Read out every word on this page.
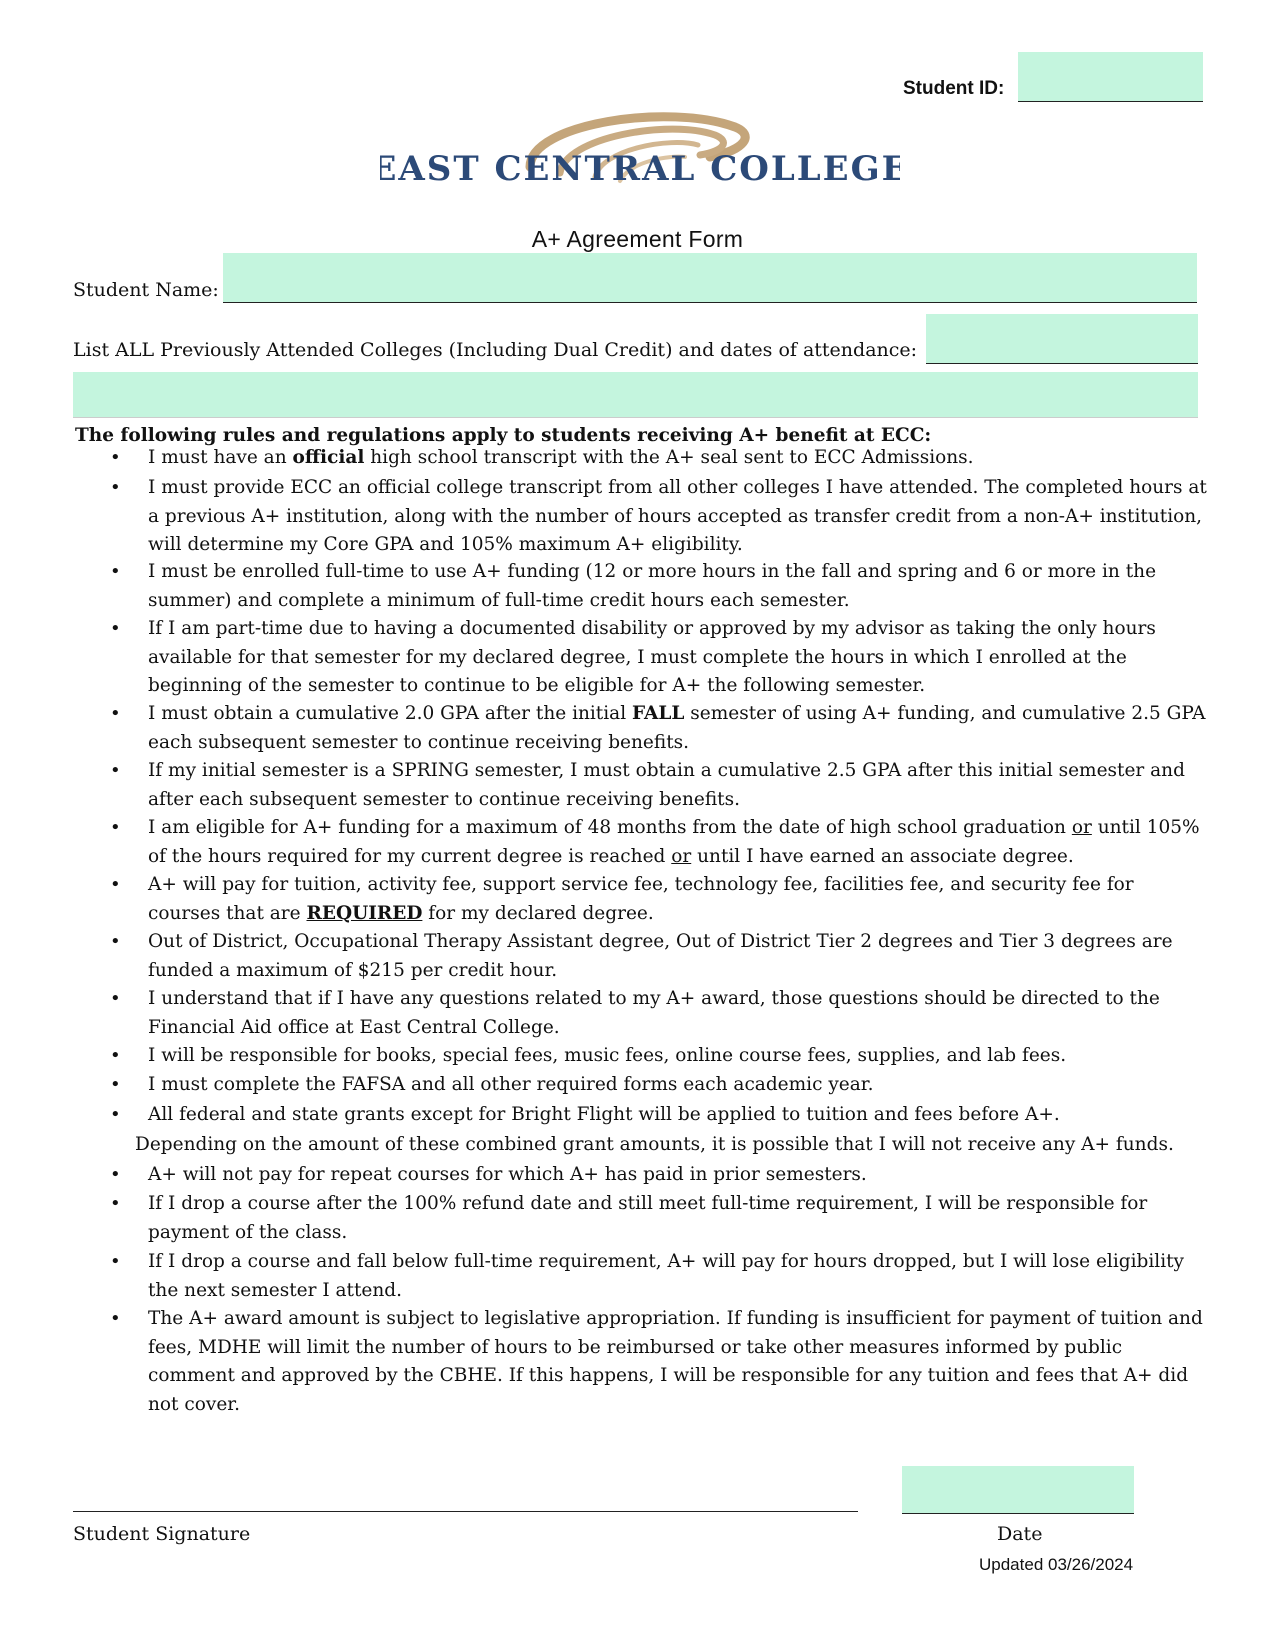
Student ID:
EAST CENTRAL COLLEGE
A+ Agreement Form
Student Name:
List ALL Previously Attended Colleges (Including Dual Credit) and dates of attendance:
The following rules and regulations apply to students receiving A+ benefit at ECC:
• I must have an official high school transcript with the A+ seal sent to ECC Admissions.
• I must provide ECC an official college transcript from all other colleges I have attended. The completed hours at a previous A+ institution, along with the number of hours accepted as transfer credit from a non-A+ institution, will determine my Core GPA and 105% maximum A+ eligibility.
• I must be enrolled full-time to use A+ funding (12 or more hours in the fall and spring and 6 or more in the summer) and complete a minimum of full-time credit hours each semester.
• If I am part-time due to having a documented disability or approved by my advisor as taking the only hours available for that semester for my declared degree, I must complete the hours in which I enrolled at the beginning of the semester to continue to be eligible for A+ the following semester.
• I must obtain a cumulative 2.0 GPA after the initial FALL semester of using A+ funding, and cumulative 2.5 GPA each subsequent semester to continue receiving benefits.
• If my initial semester is a SPRING semester, I must obtain a cumulative 2.5 GPA after this initial semester and after each subsequent semester to continue receiving benefits.
• I am eligible for A+ funding for a maximum of 48 months from the date of high school graduation or until 105% of the hours required for my current degree is reached or until I have earned an associate degree.
• A+ will pay for tuition, activity fee, support service fee, technology fee, facilities fee, and security fee for courses that are REQUIRED for my declared degree.
• Out of District, Occupational Therapy Assistant degree, Out of District Tier 2 degrees and Tier 3 degrees are funded a maximum of $215 per credit hour.
• I understand that if I have any questions related to my A+ award, those questions should be directed to the Financial Aid office at East Central College.
• I will be responsible for books, special fees, music fees, online course fees, supplies, and lab fees.
• I must complete the FAFSA and all other required forms each academic year.
• All federal and state grants except for Bright Flight will be applied to tuition and fees before A+.
Depending on the amount of these combined grant amounts, it is possible that I will not receive any A+ funds.
• A+ will not pay for repeat courses for which A+ has paid in prior semesters.
• If I drop a course after the 100% refund date and still meet full-time requirement, I will be responsible for payment of the class.
• If I drop a course and fall below full-time requirement, A+ will pay for hours dropped, but I will lose eligibility the next semester I attend.
• The A+ award amount is subject to legislative appropriation. If funding is insufficient for payment of tuition and fees, MDHE will limit the number of hours to be reimbursed or take other measures informed by public comment and approved by the CBHE. If this happens, I will be responsible for any tuition and fees that A+ did not cover.
Student Signature	Date
Updated 03/26/2024
